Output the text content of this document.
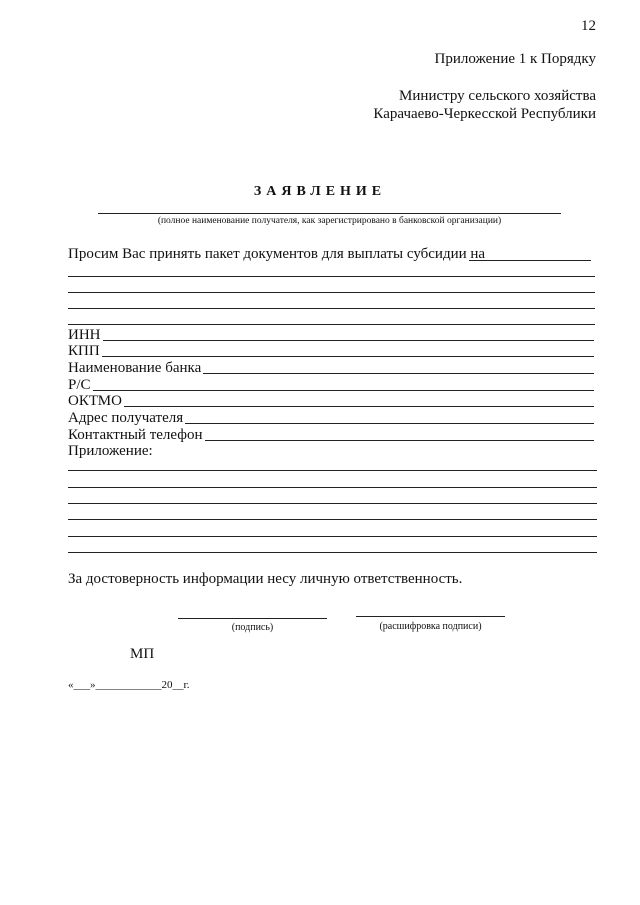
12
Приложение 1 к Порядку
Министру сельского хозяйства
Карачаево-Черкесской Республики
ЗАЯВЛЕНИЕ
(полное наименование получателя, как зарегистрировано в банковской организации)
Просим Вас принять пакет документов для выплаты субсидии на
ИНН
КПП
Наименование банка
Р/С
ОКТМО
Адрес получателя
Контактный телефон
Приложение:
За достоверность информации несу личную ответственность.
(подпись)	(расшифровка подписи)
МП
«___»____________20__г.
